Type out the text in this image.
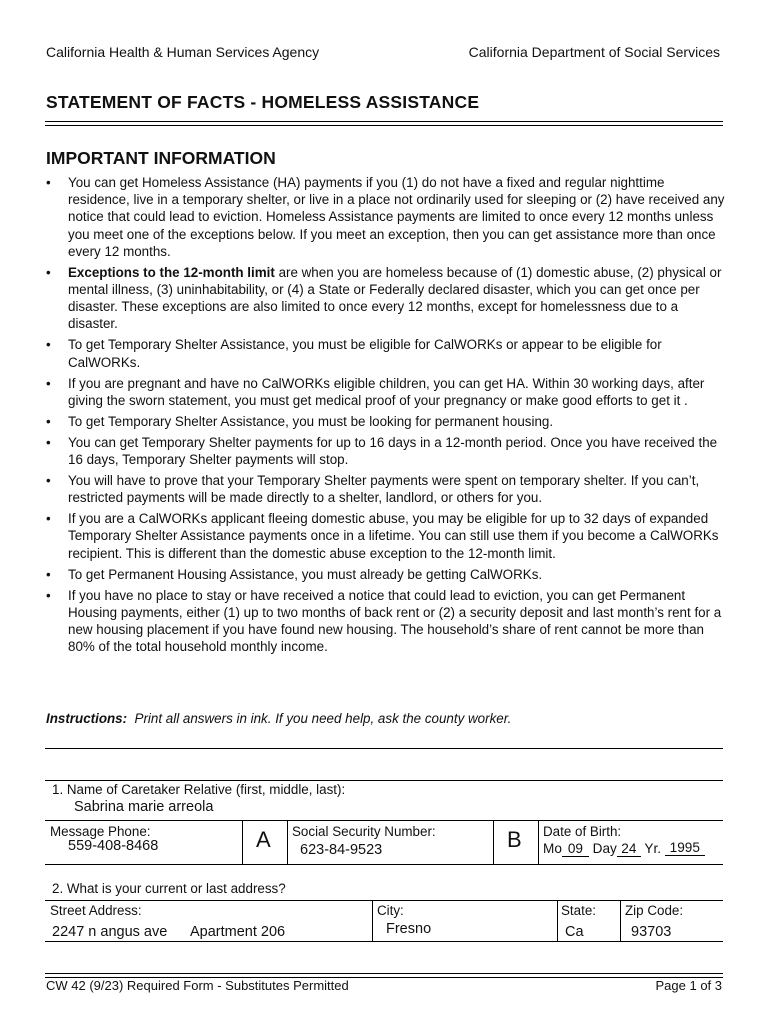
California Health & Human Services Agency	California Department of Social Services
STATEMENT OF FACTS - HOMELESS ASSISTANCE
IMPORTANT INFORMATION
• You can get Homeless Assistance (HA) payments if you (1) do not have a fixed and regular nighttime residence, live in a temporary shelter, or live in a place not ordinarily used for sleeping or (2) have received any notice that could lead to eviction. Homeless Assistance payments are limited to once every 12 months unless you meet one of the exceptions below. If you meet an exception, then you can get assistance more than once every 12 months.
• Exceptions to the 12-month limit are when you are homeless because of (1) domestic abuse, (2) physical or mental illness, (3) uninhabitability, or (4) a State or Federally declared disaster, which you can get once per disaster. These exceptions are also limited to once every 12 months, except for homelessness due to a disaster.
• To get Temporary Shelter Assistance, you must be eligible for CalWORKs or appear to be eligible for CalWORKs.
• If you are pregnant and have no CalWORKs eligible children, you can get HA. Within 30 working days, after giving the sworn statement, you must get medical proof of your pregnancy or make good efforts to get it .
• To get Temporary Shelter Assistance, you must be looking for permanent housing.
• You can get Temporary Shelter payments for up to 16 days in a 12-month period. Once you have received the 16 days, Temporary Shelter payments will stop.
• You will have to prove that your Temporary Shelter payments were spent on temporary shelter. If you can’t, restricted payments will be made directly to a shelter, landlord, or others for you.
• If you are a CalWORKs applicant fleeing domestic abuse, you may be eligible for up to 32 days of expanded Temporary Shelter Assistance payments once in a lifetime. You can still use them if you become a CalWORKs recipient. This is different than the domestic abuse exception to the 12-month limit.
• To get Permanent Housing Assistance, you must already be getting CalWORKs.
• If you have no place to stay or have received a notice that could lead to eviction, you can get Permanent Housing payments, either (1) up to two months of back rent or (2) a security deposit and last month’s rent for a new housing placement if you have found new housing. The household’s share of rent cannot be more than 80% of the total household monthly income.
Instructions:  Print all answers in ink. If you need help, ask the county worker.
1. Name of Caretaker Relative (first, middle, last):
Sabrina marie arreola
Message Phone:
559-408-8468	A Social Security Number:
623-84-9523	B Date of Birth:
Mo 09 Day 24 Yr. 1995
2. What is your current or last address?
Street Address:
2247 n angus ave Apartment 206
City:
Fresno
State:
Ca
Zip Code:
93703
CW 42 (9/23) Required Form - Substitutes Permitted	Page 1 of 3
